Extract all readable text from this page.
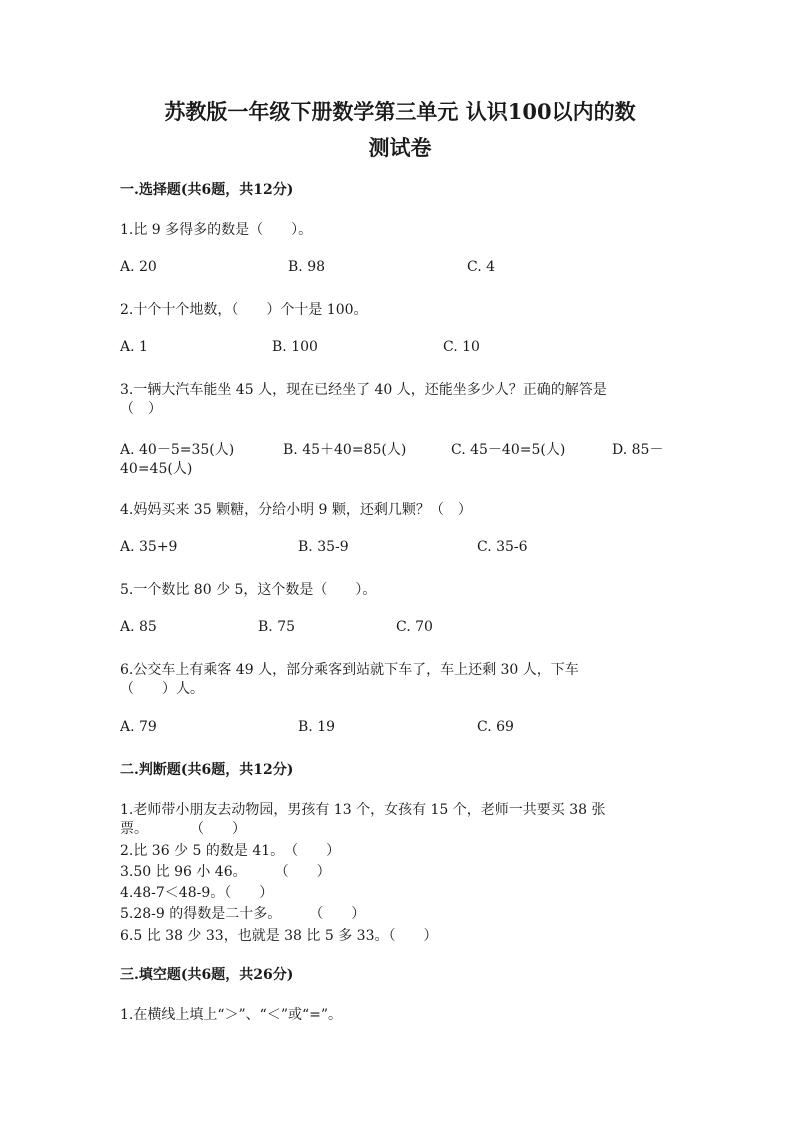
苏教版一年级下册数学第三单元 认识100以内的数
测试卷
一.选择题(共6题，共12分)
1.比 9 多得多的数是（　　）。
A. 20	B. 98	C. 4
2.十个十个地数，（　　）个十是 100。
A. 1	B. 100	C. 10
3.一辆大汽车能坐 45 人，现在已经坐了 40 人，还能坐多少人？正确的解答是
（　）
A. 40－5=35(人)	B. 45＋40=85(人)	C. 45－40=5(人)	D. 85－
40=45(人)
4.妈妈买来 35 颗糖，分给小明 9 颗，还剩几颗？（　）
A. 35+9	B. 35-9	C. 35-6
5.一个数比 80 少 5，这个数是（　　）。
A. 85	B. 75	C. 70
6.公交车上有乘客 49 人，部分乘客到站就下车了，车上还剩 30 人，下车
（　　）人。
A. 79	B. 19	C. 69
二.判断题(共6题，共12分)
1.老师带小朋友去动物园，男孩有 13 个，女孩有 15 个，老师一共要买 38 张
票。　　　　（　　）
2.比 36 少 5 的数是 41。　（　　）
3.50 比 96 小 46。　　　（　　）
4.48-7＜48-9。（　　）
5.28-9 的得数是二十多。　　　（　　）
6.5 比 38 少 33，也就是 38 比 5 多 33。（　　）
三.填空题(共6题，共26分)
1.在横线上填上“＞”、“＜”或“=”。
